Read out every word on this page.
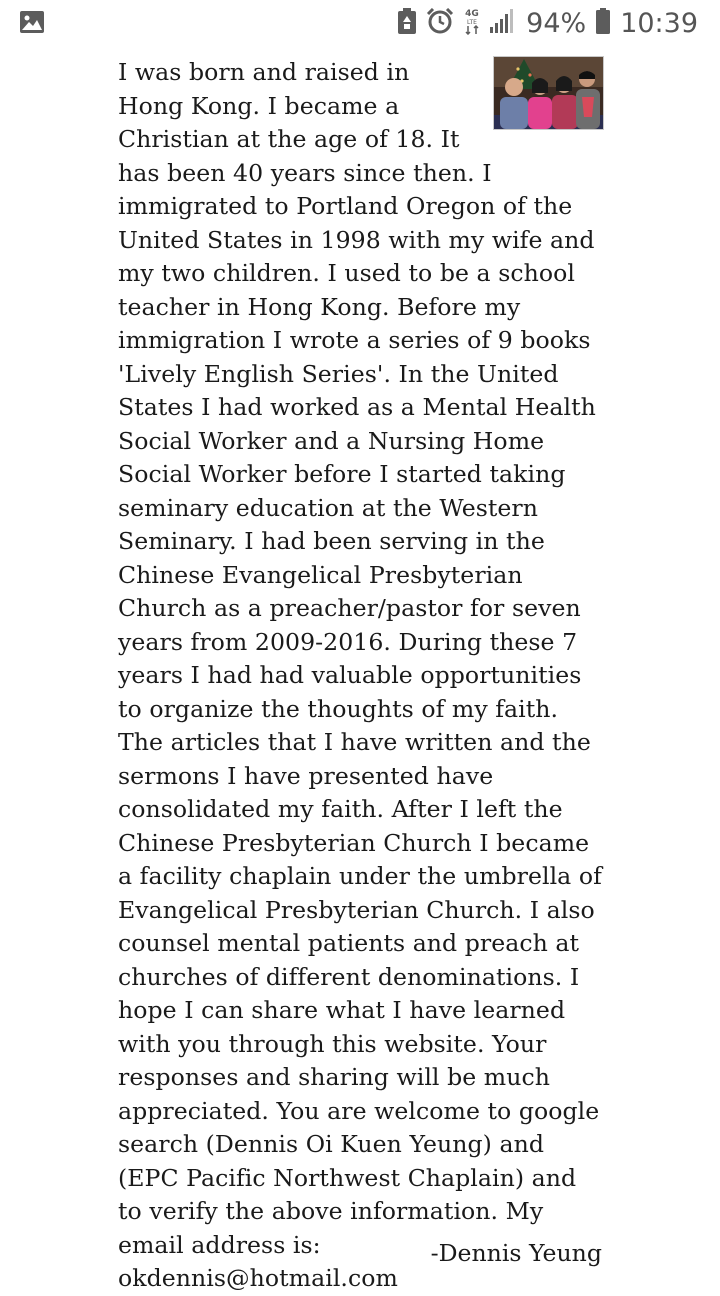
4G
LTE 94% 10:39

I was born and raised in Hong Kong. I became a Christian at the age of 18. It has been 40 years since then. I immigrated to Portland Oregon of the United States in 1998 with my wife and my two children. I used to be a school teacher in Hong Kong. Before my immigration I wrote a series of 9 books 'Lively English Series'. In the United States I had worked as a Mental Health Social Worker and a Nursing Home Social Worker before I started taking seminary education at the Western Seminary. I had been serving in the Chinese Evangelical Presbyterian Church as a preacher/pastor for seven years from 2009-2016. During these 7 years I had had valuable opportunities to organize the thoughts of my faith. The articles that I have written and the sermons I have presented have consolidated my faith. After I left the Chinese Presbyterian Church I became a facility chaplain under the umbrella of Evangelical Presbyterian Church. I also counsel mental patients and preach at churches of different denominations. I hope I can share what I have learned with you through this website. Your responses and sharing will be much appreciated. You are welcome to google search (Dennis Oi Kuen Yeung) and (EPC Pacific Northwest Chaplain) and to verify the above information. My email address is: okdennis@hotmail.com

-Dennis Yeung
